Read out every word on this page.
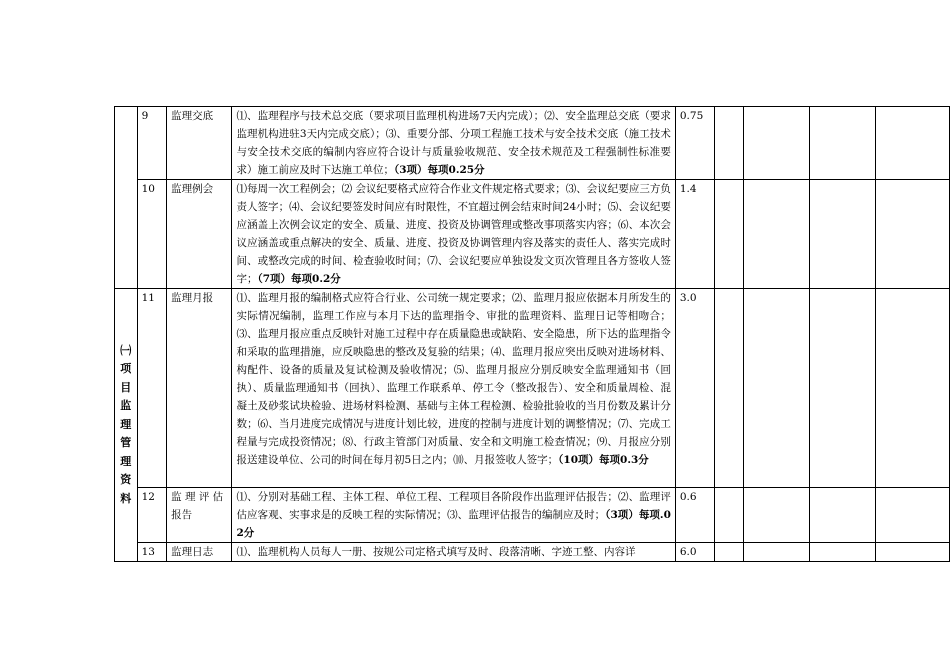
	9	监理交底	⑴、监理程序与技术总交底（要求项目监理机构进场7天内完成）；⑵、安全监理总交底（要求监理机构进驻3天内完成交底）；⑶、重要分部、分项工程施工技术与安全技术交底（施工技术与安全技术交底的编制内容应符合设计与质量验收规范、安全技术规范及工程强制性标准要求）施工前应及时下达施工单位；（3项）每项0.25分	0.75				
	10	监理例会	⑴每周一次工程例会；⑵ 会议纪要格式应符合作业文件规定格式要求；⑶、会议纪要应三方负责人签字；⑷、会议纪要签发时间应有时限性，不宜超过例会结束时间24小时；⑸、会议纪要应涵盖上次例会议定的安全、质量、进度、投资及协调管理或整改事项落实内容；⑹、本次会议应涵盖或重点解决的安全、质量、进度、投资及协调管理内容及落实的责任人、落实完成时间、或整改完成的时间、检查验收时间；⑺、会议纪要应单独设发文页次管理且各方签收人签字；（7项）每项0.2分	1.4				
㈠项目监理管理资料	11	监理月报	⑴、监理月报的编制格式应符合行业、公司统一规定要求；⑵、监理月报应依据本月所发生的实际情况编制，监理工作应与本月下达的监理指令、审批的监理资料、监理日记等相吻合；⑶、监理月报应重点反映针对施工过程中存在质量隐患或缺陷、安全隐患，所下达的监理指令和采取的监理措施，应反映隐患的整改及复验的结果；⑷、监理月报应突出反映对进场材料、构配件、设备的质量及复试检测及验收情况；⑸、监理月报应分别反映安全监理通知书（回执）、质量监理通知书（回执）、监理工作联系单、停工令（整改报告）、安全和质量周检、混凝土及砂浆试块检验、进场材料检测、基础与主体工程检测、检验批验收的当月份数及累计分数；⑹、当月进度完成情况与进度计划比较，进度的控制与进度计划的调整情况；⑺、完成工程量与完成投资情况；⑻、行政主管部门对质量、安全和文明施工检查情况；⑼、月报应分别报送建设单位、公司的时间在每月初5日之内；⑽、月报签收人签字；（10项）每项0.3分	3.0				
	12	监 理 评 估报告	⑴、分别对基础工程、主体工程、单位工程、工程项目各阶段作出监理评估报告；⑵、监理评估应客观、实事求是的反映工程的实际情况；⑶、监理评估报告的编制应及时；（3项）每项.02分	0.6				
	13	监理日志	⑴、监理机构人员每人一册、按规公司定格式填写及时、段落清晰、字迹工整、内容详	6.0				
